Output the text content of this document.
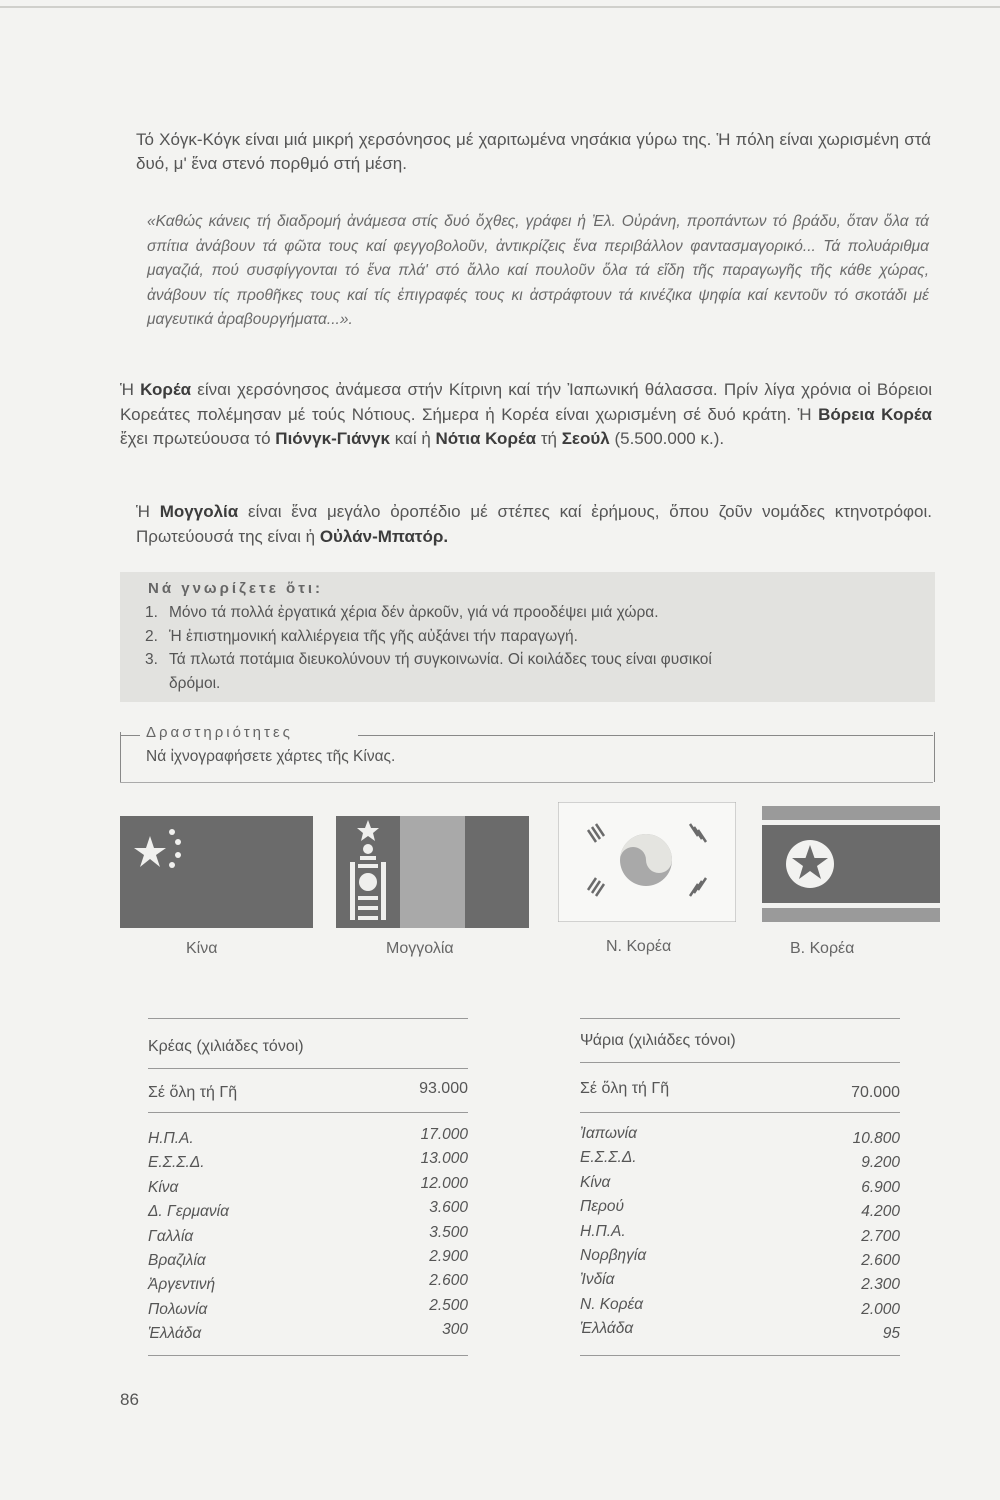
Τό Χόγκ-Κόγκ είναι μιά μικρή χερσόνησος μέ χαριτωμένα νησάκια γύρω της. Ἡ πόλη είναι χωρισμένη στά δυό, μ' ἕνα στενό πορθμό στή μέση.
«Καθώς κάνεις τή διαδρομή ἀνάμεσα στίς δυό ὄχθες, γράφει ἡ Ἐλ. Οὐράνη, προπάντων τό βράδυ, ὅταν ὅλα τά σπίτια ἀνάβουν τά φῶτα τους καί φεγγοβολοῦν, ἀντικρίζεις ἕνα περιβάλλον φαντασμαγορικό... Τά πολυάριθμα μαγαζιά, πού συσφίγγονται τό ἕνα πλά' στό ἄλλο καί πουλοῦν ὅλα τά εἴδη τῆς παραγωγῆς τῆς κάθε χώρας, ἀνάβουν τίς προθῆκες τους καί τίς ἐπιγραφές τους κι ἀστράφτουν τά κινέζικα ψηφία καί κεντοῦν τό σκοτάδι μέ μαγευτικά ἀραβουργήματα...».
Ἡ Κορέα είναι χερσόνησος ἀνάμεσα στήν Κίτρινη καί τήν Ἰαπωνική θάλασσα. Πρίν λίγα χρόνια οἱ Βόρειοι Κορεάτες πολέμησαν μέ τούς Νότιους. Σήμερα ἡ Κορέα είναι χωρισμένη σέ δυό κράτη. Ἡ Βόρεια Κορέα ἔχει πρωτεύουσα τό Πιόνγκ-Γιάνγκ καί ἡ Νότια Κορέα τή Σεούλ (5.500.000 κ.).
Ἡ Μογγολία είναι ἕνα μεγάλο ὀροπέδιο μέ στέπες καί ἐρήμους, ὅπου ζοῦν νομάδες κτηνοτρόφοι. Πρωτεύουσά της είναι ἡ Οὐλάν-Μπατόρ.
Νά γνωρίζετε ὅτι:
1. Μόνο τά πολλά ἐργατικά χέρια δέν ἀρκοῦν, γιά νά προοδέψει μιά χώρα.
2. Ἡ ἐπιστημονική καλλιέργεια τῆς γῆς αὐξάνει τήν παραγωγή.
3. Τά πλωτά ποτάμια διευκολύνουν τή συγκοινωνία. Οἱ κοιλάδες τους είναι φυσικοί
δρόμοι.
Δραστηριότητες
Νά ἰχνογραφήσετε χάρτες τῆς Κίνας.
Κίνα	Μογγολία	Ν. Κορέα	Β. Κορέα
Κρέας (χιλιάδες τόνοι)
Σέ ὅλη τή Γῆ	93.000
Η.Π.Α.	17.000
Ε.Σ.Σ.Δ.	13.000
Κίνα	12.000
Δ. Γερμανία	3.600
Γαλλία	3.500
Βραζιλία	2.900
Ἀργεντινή	2.600
Πολωνία	2.500
Ἑλλάδα	300
Ψάρια (χιλιάδες τόνοι)
Σέ ὅλη τή Γῆ	70.000
Ἰαπωνία	10.800
Ε.Σ.Σ.Δ.	9.200
Κίνα	6.900
Περού	4.200
Η.Π.Α.	2.700
Νορβηγία	2.600
Ἰνδία	2.300
Ν. Κορέα	2.000
Ἑλλάδα	95
86
